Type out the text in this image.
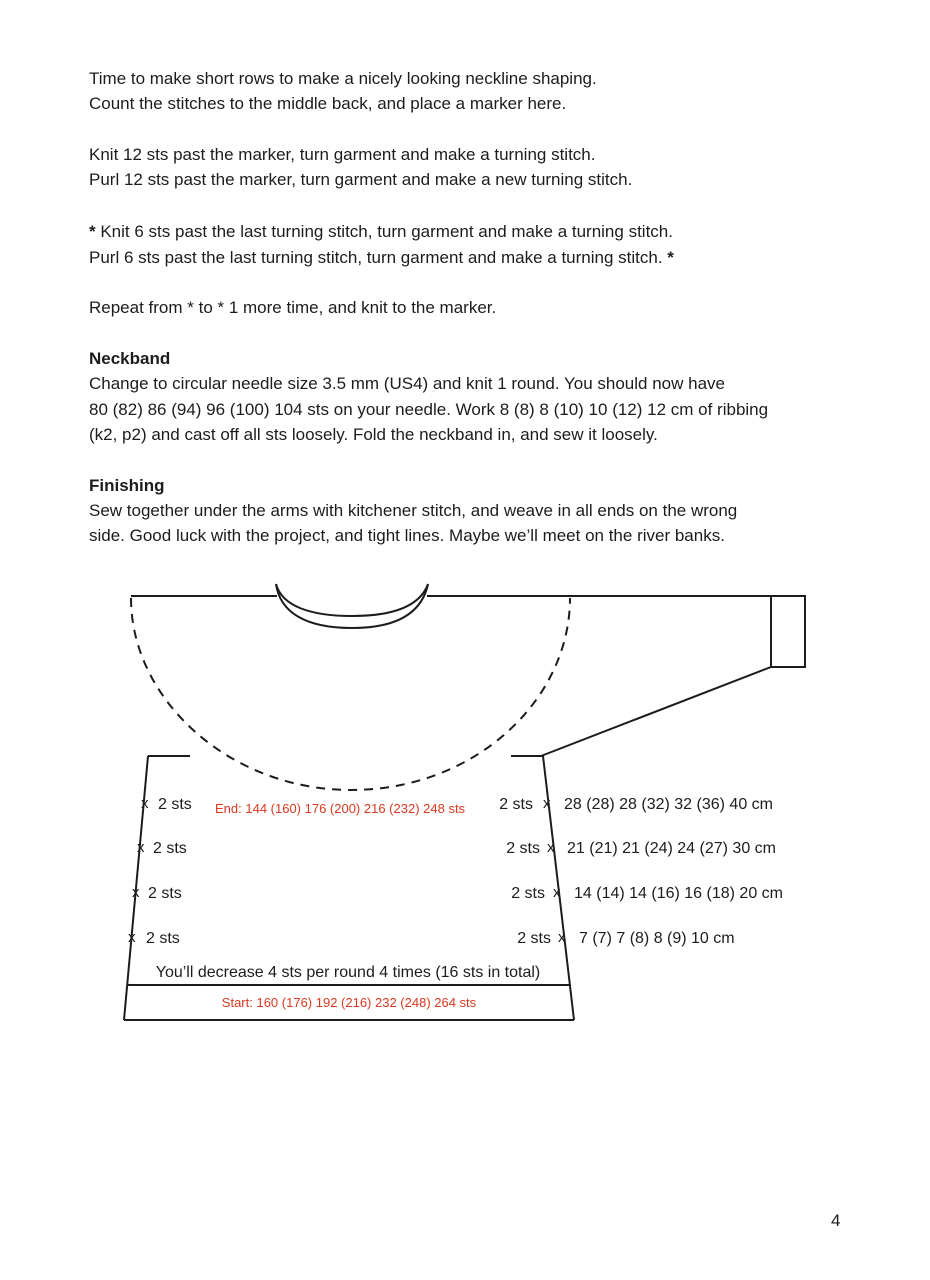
Time to make short rows to make a nicely looking neckline shaping.
Count the stitches to the middle back, and place a marker here.
Knit 12 sts past the marker, turn garment and make a turning stitch.
Purl 12 sts past the marker, turn garment and make a new turning stitch.
* Knit 6 sts past the last turning stitch, turn garment and make a turning stitch.
Purl 6 sts past the last turning stitch, turn garment and make a turning stitch. *
Repeat from * to * 1 more time, and knit to the marker.
Neckband
Change to circular needle size 3.5 mm (US4) and knit 1 round. You should now have
80 (82) 86 (94) 96 (100) 104 sts on your needle. Work 8 (8) 8 (10) 10 (12) 12 cm of ribbing
(k2, p2) and cast off all sts loosely. Fold the neckband in, and sew it loosely.
Finishing
Sew together under the arms with kitchener stitch, and weave in all ends on the wrong
side. Good luck with the project, and tight lines. Maybe we’ll meet on the river banks.
x
x
x
x
x
x
x
x
2 sts
2 sts
2 sts
2 sts
2 sts
2 sts
2 sts
2 sts
28 (28) 28 (32) 32 (36) 40 cm
21 (21) 21 (24) 24 (27) 30 cm
14 (14) 14 (16) 16 (18) 20 cm
7 (7) 7 (8) 8 (9) 10 cm
End: 144 (160) 176 (200) 216 (232) 248 sts
Start: 160 (176) 192 (216) 232 (248) 264 sts
You’ll decrease 4 sts per round 4 times (16 sts in total)
4
